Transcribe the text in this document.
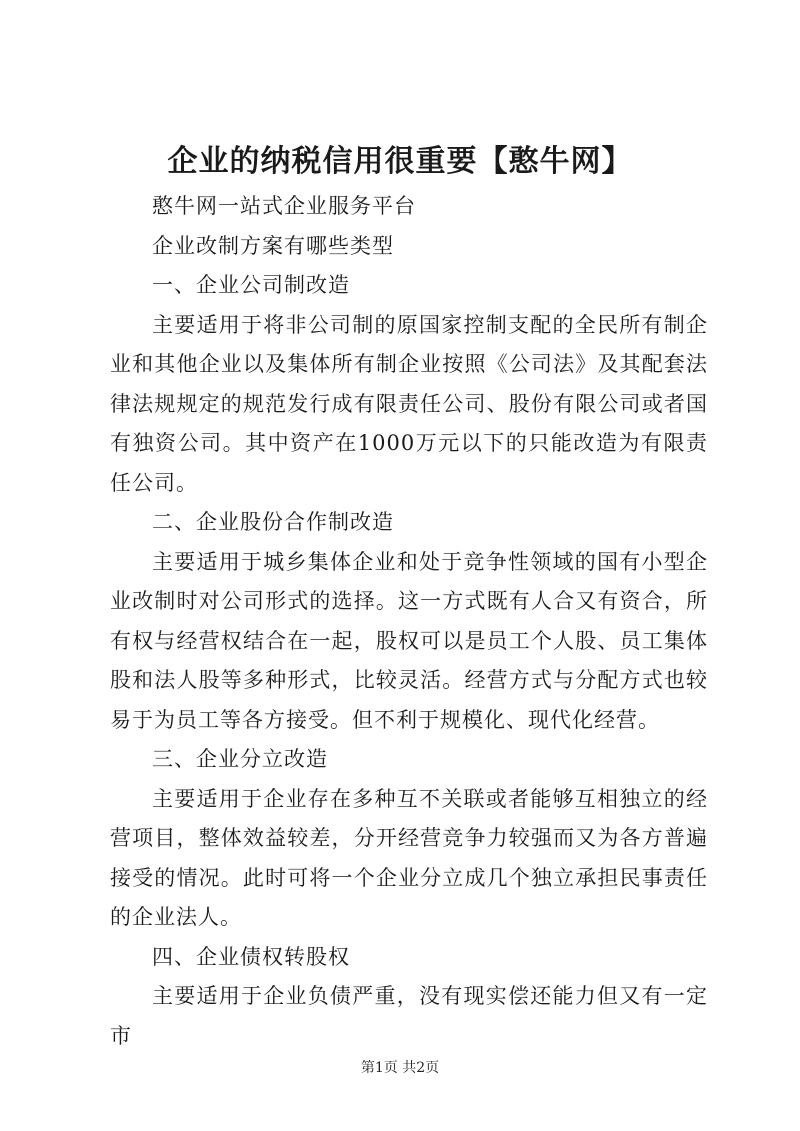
企业的纳税信用很重要【憨牛网】

憨牛网一站式企业服务平台

企业改制方案有哪些类型

一、企业公司制改造

主要适用于将非公司制的原国家控制支配的全民所有制企业和其他企业以及集体所有制企业按照《公司法》及其配套法律法规规定的规范发行成有限责任公司、股份有限公司或者国有独资公司。其中资产在1000万元以下的只能改造为有限责任公司。

二、企业股份合作制改造

主要适用于城乡集体企业和处于竞争性领域的国有小型企业改制时对公司形式的选择。这一方式既有人合又有资合，所有权与经营权结合在一起，股权可以是员工个人股、员工集体股和法人股等多种形式，比较灵活。经营方式与分配方式也较易于为员工等各方接受。但不利于规模化、现代化经营。

三、企业分立改造

主要适用于企业存在多种互不关联或者能够互相独立的经营项目，整体效益较差，分开经营竞争力较强而又为各方普遍接受的情况。此时可将一个企业分立成几个独立承担民事责任的企业法人。

四、企业债权转股权

主要适用于企业负债严重，没有现实偿还能力但又有一定市

第1页 共2页
